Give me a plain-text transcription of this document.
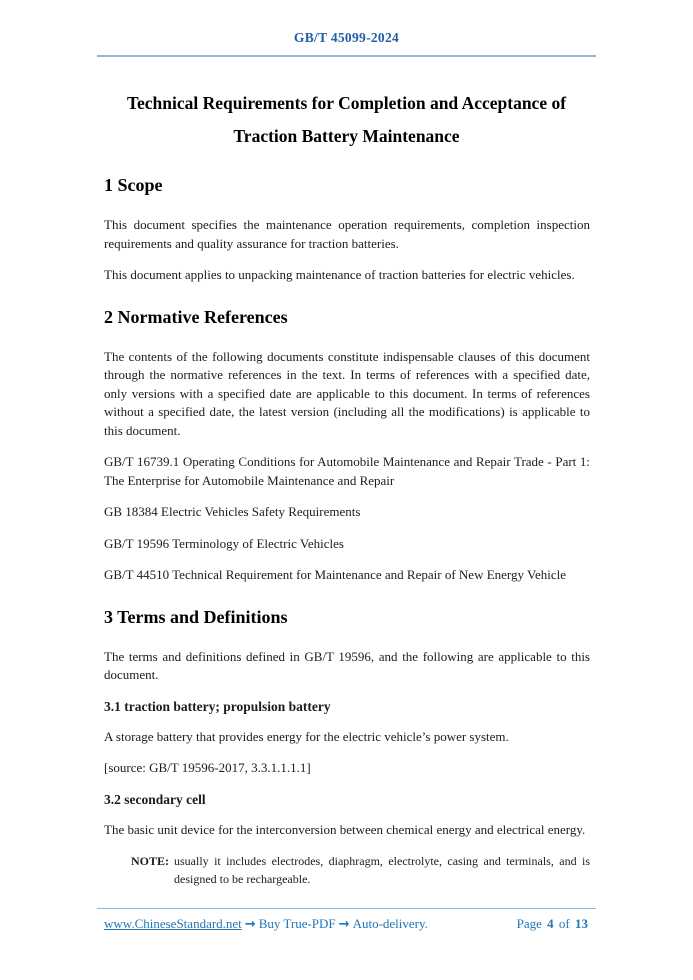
GB/T 45099-2024
Technical Requirements for Completion and Acceptance of
Traction Battery Maintenance
1 Scope

This document specifies the maintenance operation requirements, completion inspection requirements and quality assurance for traction batteries.

This document applies to unpacking maintenance of traction batteries for electric vehicles.

2 Normative References

The contents of the following documents constitute indispensable clauses of this document through the normative references in the text. In terms of references with a specified date, only versions with a specified date are applicable to this document. In terms of references without a specified date, the latest version (including all the modifications) is applicable to this document.

GB/T 16739.1 Operating Conditions for Automobile Maintenance and Repair Trade - Part 1: The Enterprise for Automobile Maintenance and Repair

GB 18384 Electric Vehicles Safety Requirements

GB/T 19596 Terminology of Electric Vehicles

GB/T 44510 Technical Requirement for Maintenance and Repair of New Energy Vehicle

3 Terms and Definitions

The terms and definitions defined in GB/T 19596, and the following are applicable to this document.

3.1 traction battery; propulsion battery

A storage battery that provides energy for the electric vehicle’s power system.

[source: GB/T 19596-2017, 3.3.1.1.1.1]

3.2 secondary cell

The basic unit device for the interconversion between chemical energy and electrical energy.

NOTE: usually it includes electrodes, diaphragm, electrolyte, casing and terminals, and is designed to be rechargeable.
www.ChineseStandard.net → Buy True-PDF → Auto-delivery.	Page 4 of 13
